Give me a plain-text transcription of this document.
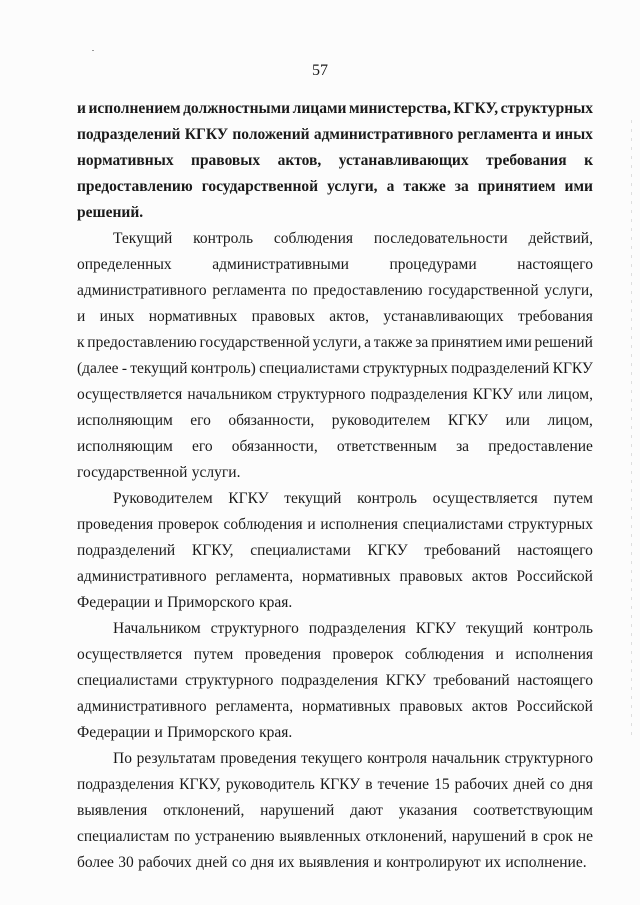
57
и исполнением должностными лицами министерства, КГКУ, структурных
подразделений КГКУ положений административного регламента и иных
нормативных правовых актов, устанавливающих требования к
предоставлению государственной услуги, а также за принятием ими
решений.
Текущий контроль соблюдения последовательности действий,
определенных	административными	процедурами	настоящего
административного регламента по предоставлению государственной услуги,
и иных нормативных правовых актов, устанавливающих требования
к предоставлению государственной услуги, а также за принятием ими решений
(далее - текущий контроль) специалистами структурных подразделений КГКУ
осуществляется начальником структурного подразделения КГКУ или лицом,
исполняющим его обязанности, руководителем КГКУ или лицом,
исполняющим его обязанности, ответственным за предоставление
государственной услуги.
Руководителем КГКУ текущий контроль осуществляется путем
проведения проверок соблюдения и исполнения специалистами структурных
подразделений КГКУ, специалистами КГКУ требований настоящего
административного регламента, нормативных правовых актов Российской
Федерации и Приморского края.
Начальником структурного подразделения КГКУ текущий контроль
осуществляется путем проведения проверок соблюдения и исполнения
специалистами структурного подразделения КГКУ требований настоящего
административного регламента, нормативных правовых актов Российской
Федерации и Приморского края.
По результатам проведения текущего контроля начальник структурного
подразделения КГКУ, руководитель КГКУ в течение 15 рабочих дней со дня
выявления отклонений, нарушений дают указания соответствующим
специалистам по устранению выявленных отклонений, нарушений в срок не
более 30 рабочих дней со дня их выявления и контролируют их исполнение.
